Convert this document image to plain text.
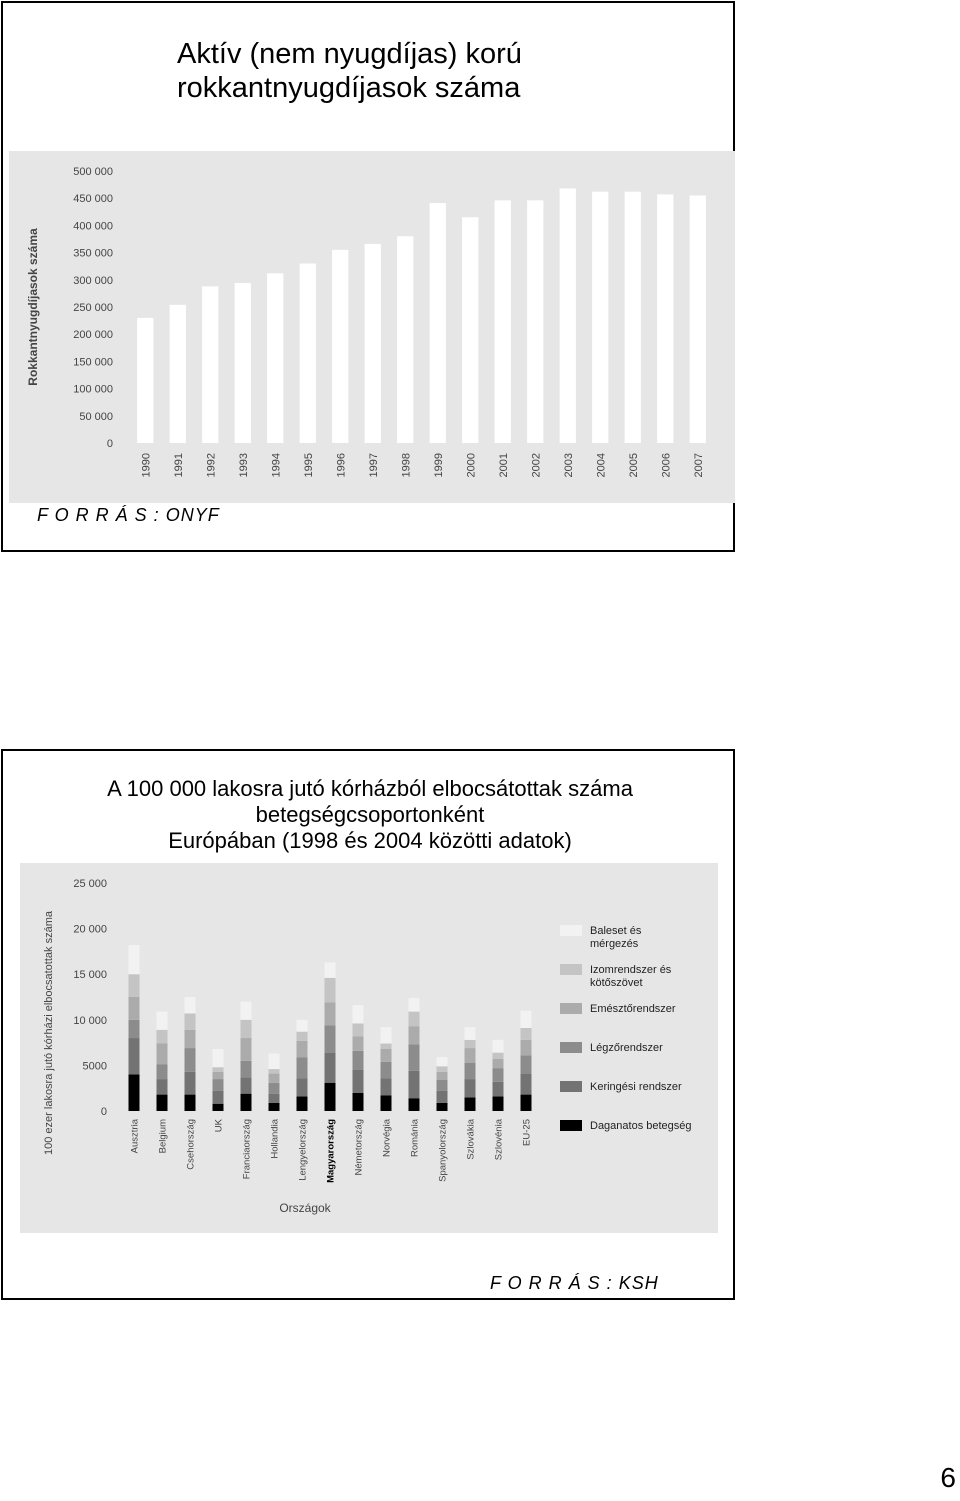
Aktív (nem nyugdíjas) korú
rokkantnyugdíjasok száma
0
50 000
100 000
150 000
200 000
250 000
300 000
350 000
400 000
450 000
500 000
Rokkantnyugdíjasok száma
1990 1991 1992 1993 1994 1995 1996 1997 1998 1999 2000 2001 2002 2003 2004 2005 2006 2007
F O R R Á S : ONYF
A 100 000 lakosra jutó kórházból elbocsátottak száma
betegségcsoportonként
Európában (1998 és 2004 közötti adatok)
0
5000
10 000
15 000
20 000
25 000
100 ezer lakosra jutó kórházi elbocsatottak száma
Országok
Ausztria Belgium Csehország UK Franciaország Hollandia Lengyelország Magyarország Németország Norvégia Románia Spanyolország Szlovákia Szlovénia EU-25
Baleset és mérgezés
Izomrendszer és kötőszövet
Emésztőrendszer
Légzőrendszer
Keringési rendszer
Daganatos betegség
F O R R Á S : KSH
6
